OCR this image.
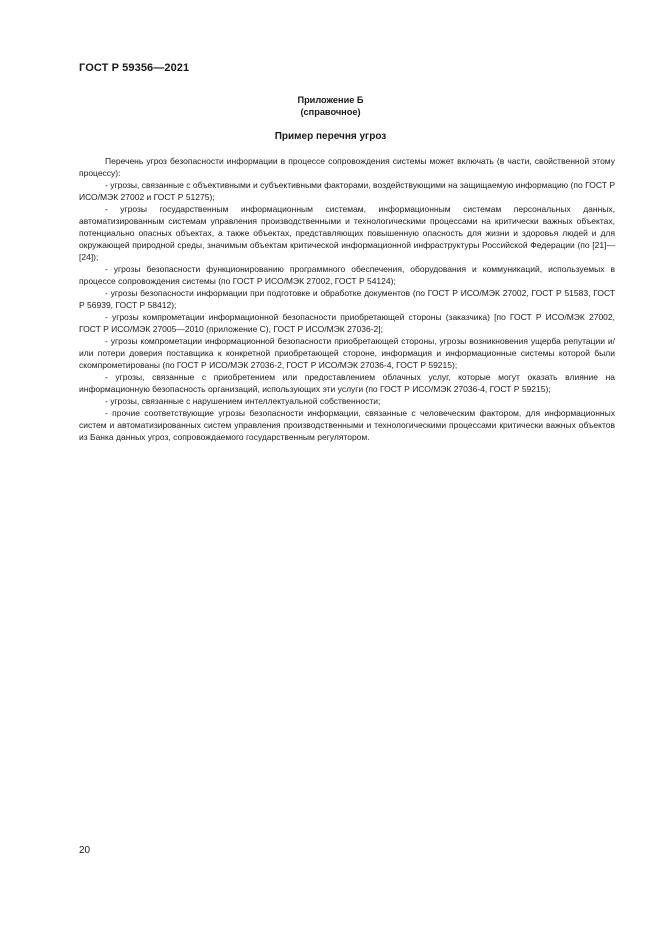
ГОСТ Р 59356—2021
Приложение Б
(справочное)
Пример перечня угроз

Перечень угроз безопасности информации в процессе сопровождения системы может включать (в части, свойственной этому процессу):

- угрозы, связанные с объективными и субъективными факторами, воздействующими на защищаемую информацию (по ГОСТ Р ИСО/МЭК 27002 и ГОСТ Р 51275);

- угрозы государственным информационным системам, информационным системам персональных данных, автоматизированным системам управления производственными и технологическими процессами на критически важных объектах, потенциально опасных объектах, а также объектах, представляющих повышенную опасность для жизни и здоровья людей и для окружающей природной среды, значимым объектам критической информационной инфраструктуры Российской Федерации (по [21]—[24]);

- угрозы безопасности функционированию программного обеспечения, оборудования и коммуникаций, используемых в процессе сопровождения системы (по ГОСТ Р ИСО/МЭК 27002, ГОСТ Р 54124);

- угрозы безопасности информации при подготовке и обработке документов (по ГОСТ Р ИСО/МЭК 27002, ГОСТ Р 51583, ГОСТ Р 56939, ГОСТ Р 58412);

- угрозы компрометации информационной безопасности приобретающей стороны (заказчика) [по ГОСТ Р ИСО/МЭК 27002, ГОСТ Р ИСО/МЭК 27005—2010 (приложение С), ГОСТ Р ИСО/МЭК 27036-2];

- угрозы компрометации информационной безопасности приобретающей стороны, угрозы возникновения ущерба репутации и/или потери доверия поставщика к конкретной приобретающей стороне, информация и информационные системы которой были скомпрометированы (по ГОСТ Р ИСО/МЭК 27036-2, ГОСТ Р ИСО/МЭК 27036-4, ГОСТ Р 59215);

- угрозы, связанные с приобретением или предоставлением облачных услуг, которые могут оказать влияние на информационную безопасность организаций, использующих эти услуги (по ГОСТ Р ИСО/МЭК 27036-4, ГОСТ Р 59215);

- угрозы, связанные с нарушением интеллектуальной собственности;

- прочие соответствующие угрозы безопасности информации, связанные с человеческим фактором, для информационных систем и автоматизированных систем управления производственными и технологическими процессами критически важных объектов из Банка данных угроз, сопровождаемого государственным регулятором.

20
